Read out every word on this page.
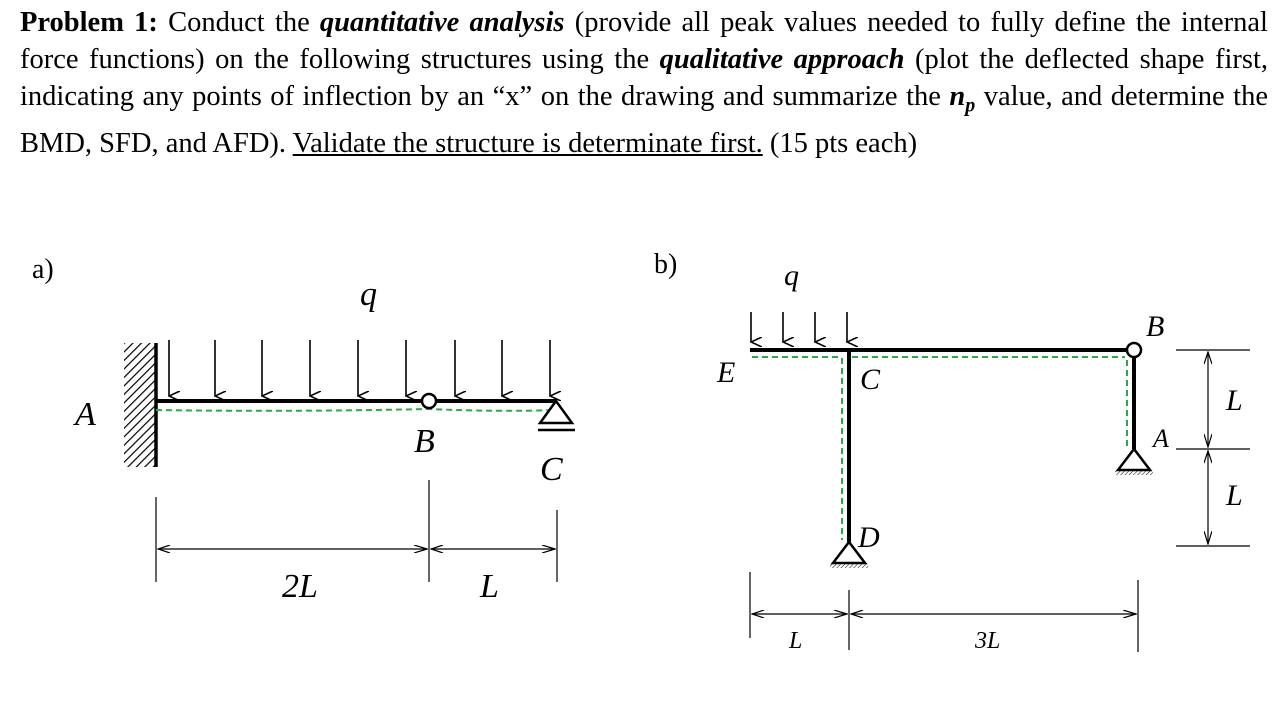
Problem 1: Conduct the quantitative analysis (provide all peak values needed to fully define the internal force functions) on the following structures using the qualitative approach (plot the deflected shape first, indicating any points of inflection by an “x” on the drawing and summarize the $n_p$ value, and determine the BMD, SFD, and AFD). Validate the structure is determinate first. (15 pts each)
a)
q
A
B
C
2L	L
b)	q
E	C
D
B
A
L	3L
L
L
